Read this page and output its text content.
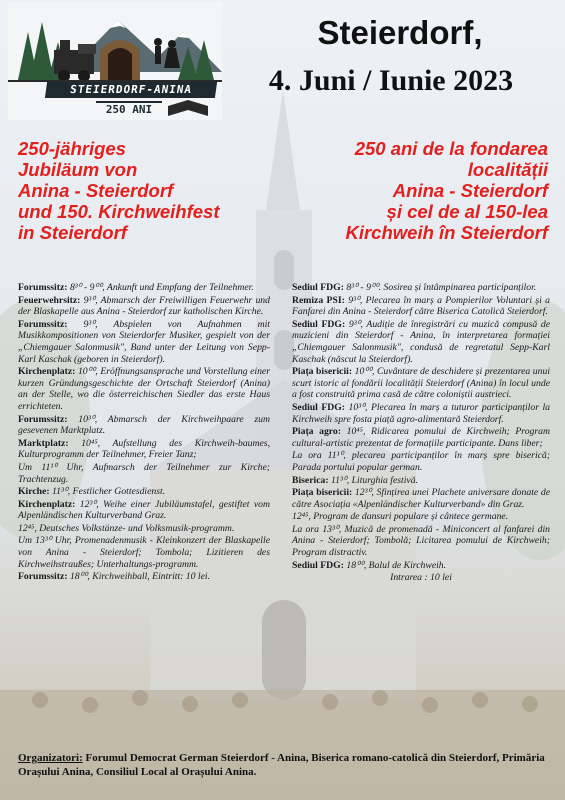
STEIERDORF-ANINA
250 ANI
Steierdorf,
4. Juni / Iunie 2023
250-jähriges
Jubiläum von
Anina - Steierdorf
und 150. Kirchweihfest
in Steierdorf
250 ani de la fondarea
localității
Anina - Steierdorf
și cel de al 150-lea
Kirchweih în Steierdorf
Forumssitz: 8³⁰ - 9⁰⁰, Ankunft und Empfang der Teilnehmer.
Feuerwehrsitz: 9³⁰, Abmarsch der Freiwilligen Feuerwehr und der Blaskapelle aus Anina - Steierdorf zur katholischen Kirche.
Forumssitz: 9³⁰, Abspielen von Aufnahmen mit Musikkompositionen von Steierdorfer Musiker, gespielt von der „Chiemgauer Salonmusik", Band unter der Leitung von Sepp-Karl Kaschak (geboren in Steierdorf).
Kirchenplatz: 10⁰⁰, Eröffnungsansprache und Vorstellung einer kurzen Gründungsgeschichte der Ortschaft Steierdorf (Anina) an der Stelle, wo die österreichischen Siedler das erste Haus errichteten.
Forumssitz: 10³⁰, Abmarsch der Kirchweihpaare zum gesevenen Marktplatz.
Marktplatz: 10⁴⁵, Aufstellung des Kirchweih-baumes, Kulturprogramm der Teilnehmer, Freier Tanz;
Um 11¹⁰ Uhr, Aufmarsch der Teilnehmer zur Kirche; Trachtenzug.
Kirche: 11³⁰, Festlicher Gottesdienst.
Kirchenplatz: 12³⁰, Weihe einer Jubiläumstafel, gestiftet vom Alpenländischen Kulturverband Graz.
12⁴⁵, Deutsches Volkstänze- und Volksmusik-programm.
Um 13³⁰ Uhr, Promenadenmusik - Kleinkonzert der Blaskapelle von Anina - Steierdorf; Tombola; Lizitieren des Kirchweihstraußes; Unterhaltungs-programm.
Forumssitz: 18⁰⁰, Kirchweihball, Eintritt: 10 lei.
Sediul FDG: 8³⁰ - 9⁰⁰. Sosirea și întâmpinarea participanților.
Remiza PSI: 9³⁰, Plecarea în marș a Pompierilor Voluntari și a Fanfarei din Anina - Steierdorf către Biserica Catolică Steierdorf.
Sediul FDG: 9³⁰, Audiție de înregistrări cu muzică compusă de muzicieni din Steierdorf - Anina, în interpretarea formației „Chiemgauer Salonmusik", condusă de regretatul Sepp-Karl Kaschak (născut la Steierdorf).
Piața bisericii: 10⁰⁰, Cuvântare de deschidere și prezentarea unui scurt istoric al fondării localității Steierdorf (Anina) în locul unde a fost construită prima casă de către coloniștii austrieci.
Sediul FDG: 10³⁰, Plecarea în marș a tuturor participanților la Kirchweih spre fosta piață agro-alimentară Steierdorf.
Piața agro: 10⁴⁵, Ridicarea pomului de Kirchweih; Program cultural-artistic prezentat de formațiile participante. Dans liber;
La ora 11¹⁰, plecarea participanților în marș spre biserică; Parada portului popular german.
Biserica: 11³⁰, Liturghia festivă.
Piața bisericii: 12³⁰, Sfințirea unei Plachete aniversare donate de către Asociația «Alpenländischer Kulturverband» din Graz.
12⁴⁵, Program de dansuri populare și cântece germane.
La ora 13³⁰, Muzică de promenadă - Miniconcert al fanfarei din Anina - Steierdorf; Tombolă; Licitarea pomului de Kirchweih; Program distractiv.
Sediul FDG: 18⁰⁰, Balul de Kirchweih.
Intrarea : 10 lei
Organizatori: Forumul Democrat German Steierdorf - Anina, Biserica romano-catolică din Steierdorf, Primăria Orașului Anina, Consiliul Local al Orașului Anina.
